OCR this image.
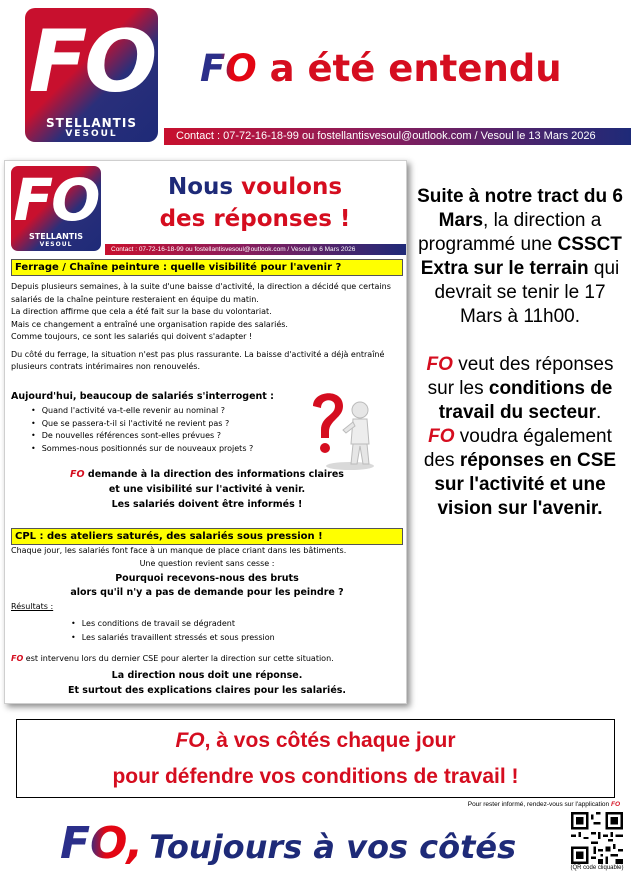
FO
STELLANTIS
VESOUL
FO a été entendu
Contact : 07-72-16-18-99 ou fostellantisvesoul@outlook.com / Vesoul le 13 Mars 2026
FO
STELLANTIS
VESOUL
Nous voulons
des réponses !
Contact : 07-72-16-18-99 ou fostellantisvesoul@outlook.com / Vesoul le 6 Mars 2026
Ferrage / Chaîne peinture : quelle visibilité pour l'avenir ?
Depuis plusieurs semaines, à la suite d'une baisse d'activité, la direction a décidé que certains salariés de la chaîne peinture resteraient en équipe du matin.
La direction affirme que cela a été fait sur la base du volontariat.
Mais ce changement a entraîné une organisation rapide des salariés.
Comme toujours, ce sont les salariés qui doivent s'adapter !
Du côté du ferrage, la situation n'est pas plus rassurante. La baisse d'activité a déjà entraîné plusieurs contrats intérimaires non renouvelés.
Aujourd'hui, beaucoup de salariés s'interrogent :
• Quand l'activité va-t-elle revenir au nominal ?
• Que se passera-t-il si l'activité ne revient pas ?
• De nouvelles références sont-elles prévues ?
• Sommes-nous positionnés sur de nouveaux projets ?
FO demande à la direction des informations claires
et une visibilité sur l'activité à venir.
Les salariés doivent être informés !
CPL : des ateliers saturés, des salariés sous pression !
Chaque jour, les salariés font face à un manque de place criant dans les bâtiments.
Une question revient sans cesse :
Pourquoi recevons-nous des bruts
alors qu'il n'y a pas de demande pour les peindre ?
Résultats :
• • Les conditions de travail se dégradent
• • Les salariés travaillent stressés et sous pression
FO est intervenu lors du dernier CSE pour alerter la direction sur cette situation.
La direction nous doit une réponse.
Et surtout des explications claires pour les salariés.

Suite à notre tract du 6 Mars, la direction a programmé une CSSCT Extra sur le terrain qui devrait se tenir le 17 Mars à 11h00.

FO veut des réponses sur les conditions de travail du secteur.
FO voudra également des réponses en CSE sur l'activité et une vision sur l'avenir.

FO, à vos côtés chaque jour
pour défendre vos conditions de travail !
Pour rester informé, rendez-vous sur l'application FO
FO, Toujours à vos côtés
(QR code cliquable)
